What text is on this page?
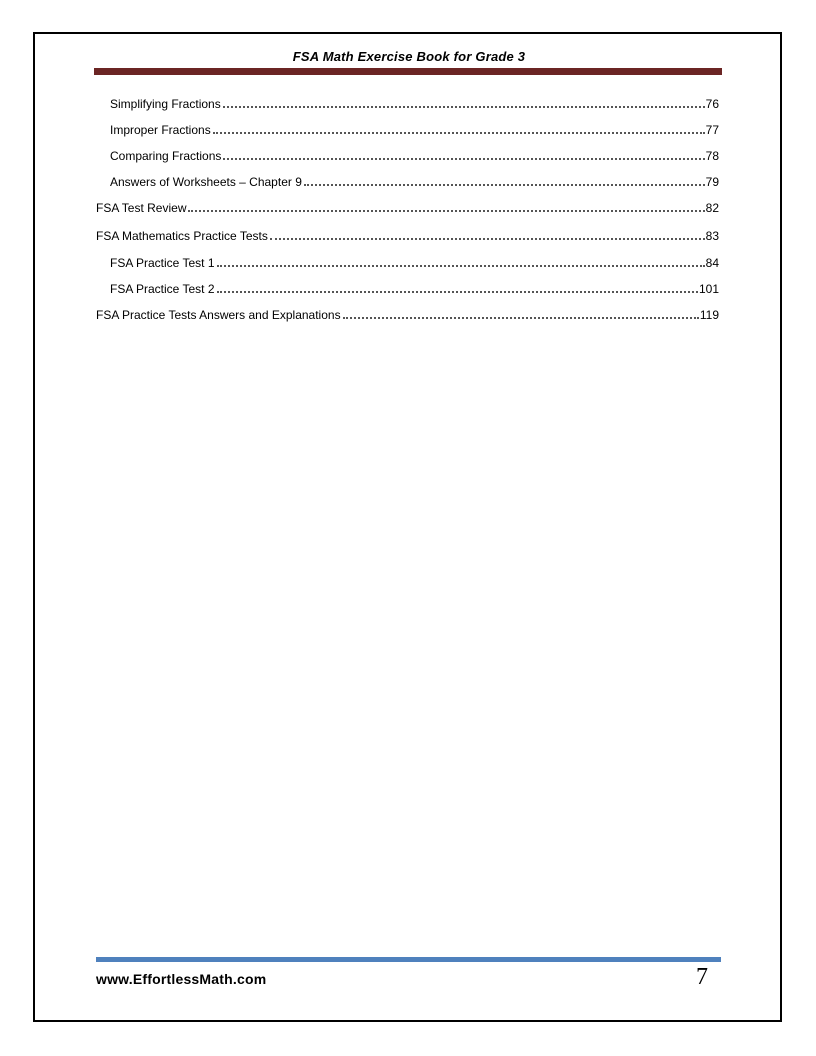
FSA Math Exercise Book for Grade 3
Simplifying Fractions	76
Improper Fractions	77
Comparing Fractions	78
Answers of Worksheets – Chapter 9	79
FSA Test Review	82
FSA Mathematics Practice Tests	83
FSA Practice Test 1	84
FSA Practice Test 2	101
FSA Practice Tests Answers and Explanations	119
www.EffortlessMath.com	7
